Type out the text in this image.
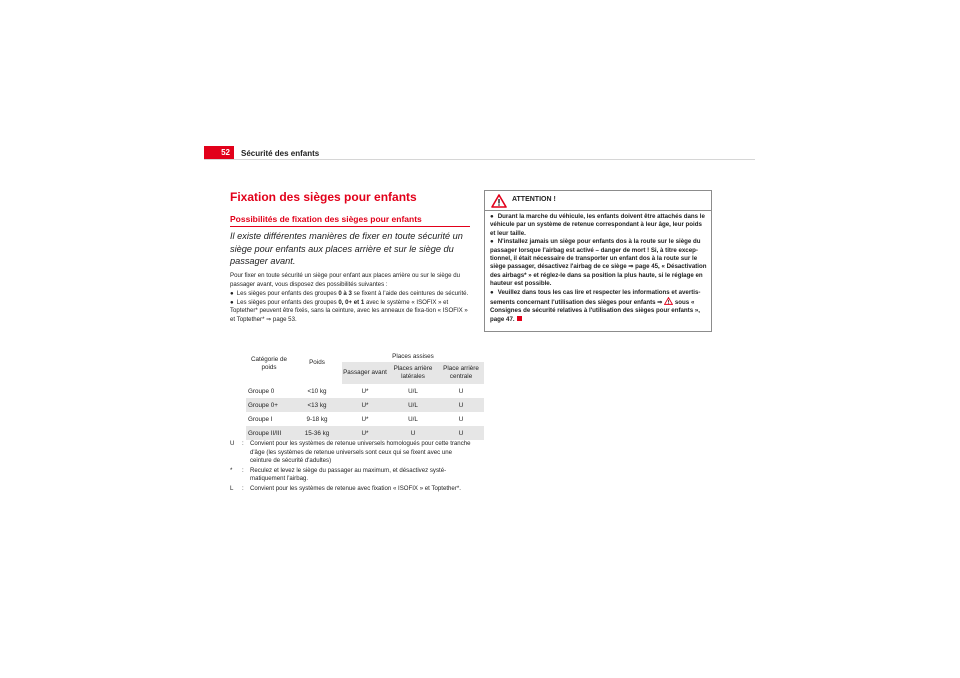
52	Sécurité des enfants
Fixation des sièges pour enfants
Possibilités de fixation des sièges pour enfants
Il existe différentes manières de fixer en toute sécurité un siège pour enfants aux places arrière et sur le siège du passager avant.

Pour fixer en toute sécurité un siège pour enfant aux places arrière ou sur le siège du passager avant, vous disposez des possibilités suivantes :

● Les sièges pour enfants des groupes 0 à 3 se fixent à l'aide des ceintures de sécurité.
● Les sièges pour enfants des groupes 0, 0+ et 1 avec le système « ISOFIX » et Toptether* peuvent être fixés, sans la ceinture, avec les anneaux de fixa-tion « ISOFIX » et Toptether* ⇒ page 53.
Catégorie de poids	Poids	Places assises		
		Passager avant	Places arrière latérales	Place arrière centrale
Groupe 0	<10 kg	U*	U/L	U
Groupe 0+	<13 kg	U*	U/L	U
Groupe I	9-18 kg	U*	U/L	U
Groupe II/III	15-36 kg	U*	U	U
U	:	Convient pour les systèmes de retenue universels homologués pour cette tranche d'âge (les systèmes de retenue universels sont ceux qui se fixent avec une ceinture de sécurité d'adultes)
*	:	Reculez et levez le siège du passager au maximum, et désactivez systé-matiquement l'airbag.
L	:	Convient pour les systèmes de retenue avec fixation « ISOFIX » et Toptether*.
ATTENTION !

● Durant la marche du véhicule, les enfants doivent être attachés dans le véhicule par un système de retenue correspondant à leur âge, leur poids et leur taille.

● N'installez jamais un siège pour enfants dos à la route sur le siège du passager lorsque l'airbag est activé – danger de mort ! Si, à titre excep-tionnel, il était nécessaire de transporter un enfant dos à la route sur le siège passager, désactivez l'airbag de ce siège ⇒ page 45, « Désactivation des airbags* » et réglez-le dans sa position la plus haute, si le réglage en hauteur est possible.

● Veuillez dans tous les cas lire et respecter les informations et avertis-sements concernant l'utilisation des sièges pour enfants ⇒ sous « Consignes de sécurité relatives à l'utilisation des sièges pour enfants », page 47.
